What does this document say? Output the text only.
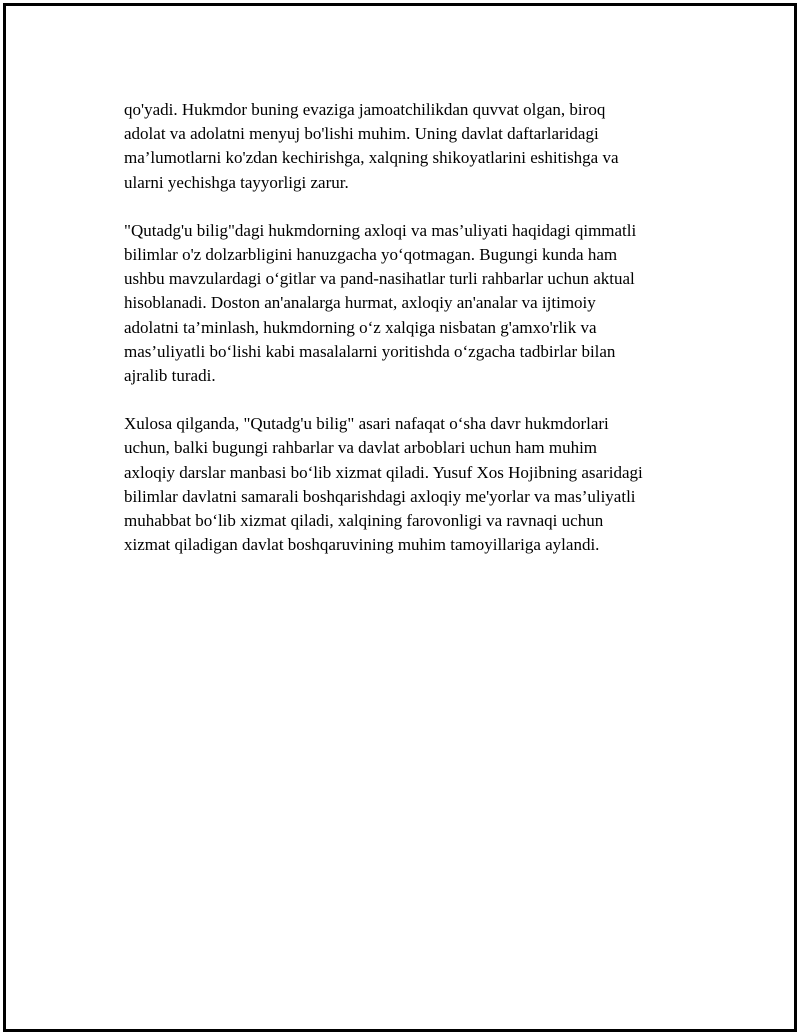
qo'yadi. Hukmdor buning evaziga jamoatchilikdan quvvat olgan, biroq
adolat va adolatni menyuj bo'lishi muhim. Uning davlat daftarlaridagi
ma’lumotlarni ko'zdan kechirishga, xalqning shikoyatlarini eshitishga va
ularni yechishga tayyorligi zarur.

"Qutadg'u bilig"dagi hukmdorning axloqi va mas’uliyati haqidagi qimmatli
bilimlar o'z dolzarbligini hanuzgacha yo‘qotmagan. Bugungi kunda ham
ushbu mavzulardagi o‘gitlar va pand-nasihatlar turli rahbarlar uchun aktual
hisoblanadi. Doston an'analarga hurmat, axloqiy an'analar va ijtimoiy
adolatni ta’minlash, hukmdorning o‘z xalqiga nisbatan g'amxo'rlik va
mas’uliyatli bo‘lishi kabi masalalarni yoritishda o‘zgacha tadbirlar bilan
ajralib turadi.

Xulosa qilganda, "Qutadg'u bilig" asari nafaqat o‘sha davr hukmdorlari
uchun, balki bugungi rahbarlar va davlat arboblari uchun ham muhim
axloqiy darslar manbasi bo‘lib xizmat qiladi. Yusuf Xos Hojibning asaridagi
bilimlar davlatni samarali boshqarishdagi axloqiy me'yorlar va mas’uliyatli
muhabbat bo‘lib xizmat qiladi, xalqining farovonligi va ravnaqi uchun
xizmat qiladigan davlat boshqaruvining muhim tamoyillariga aylandi.
